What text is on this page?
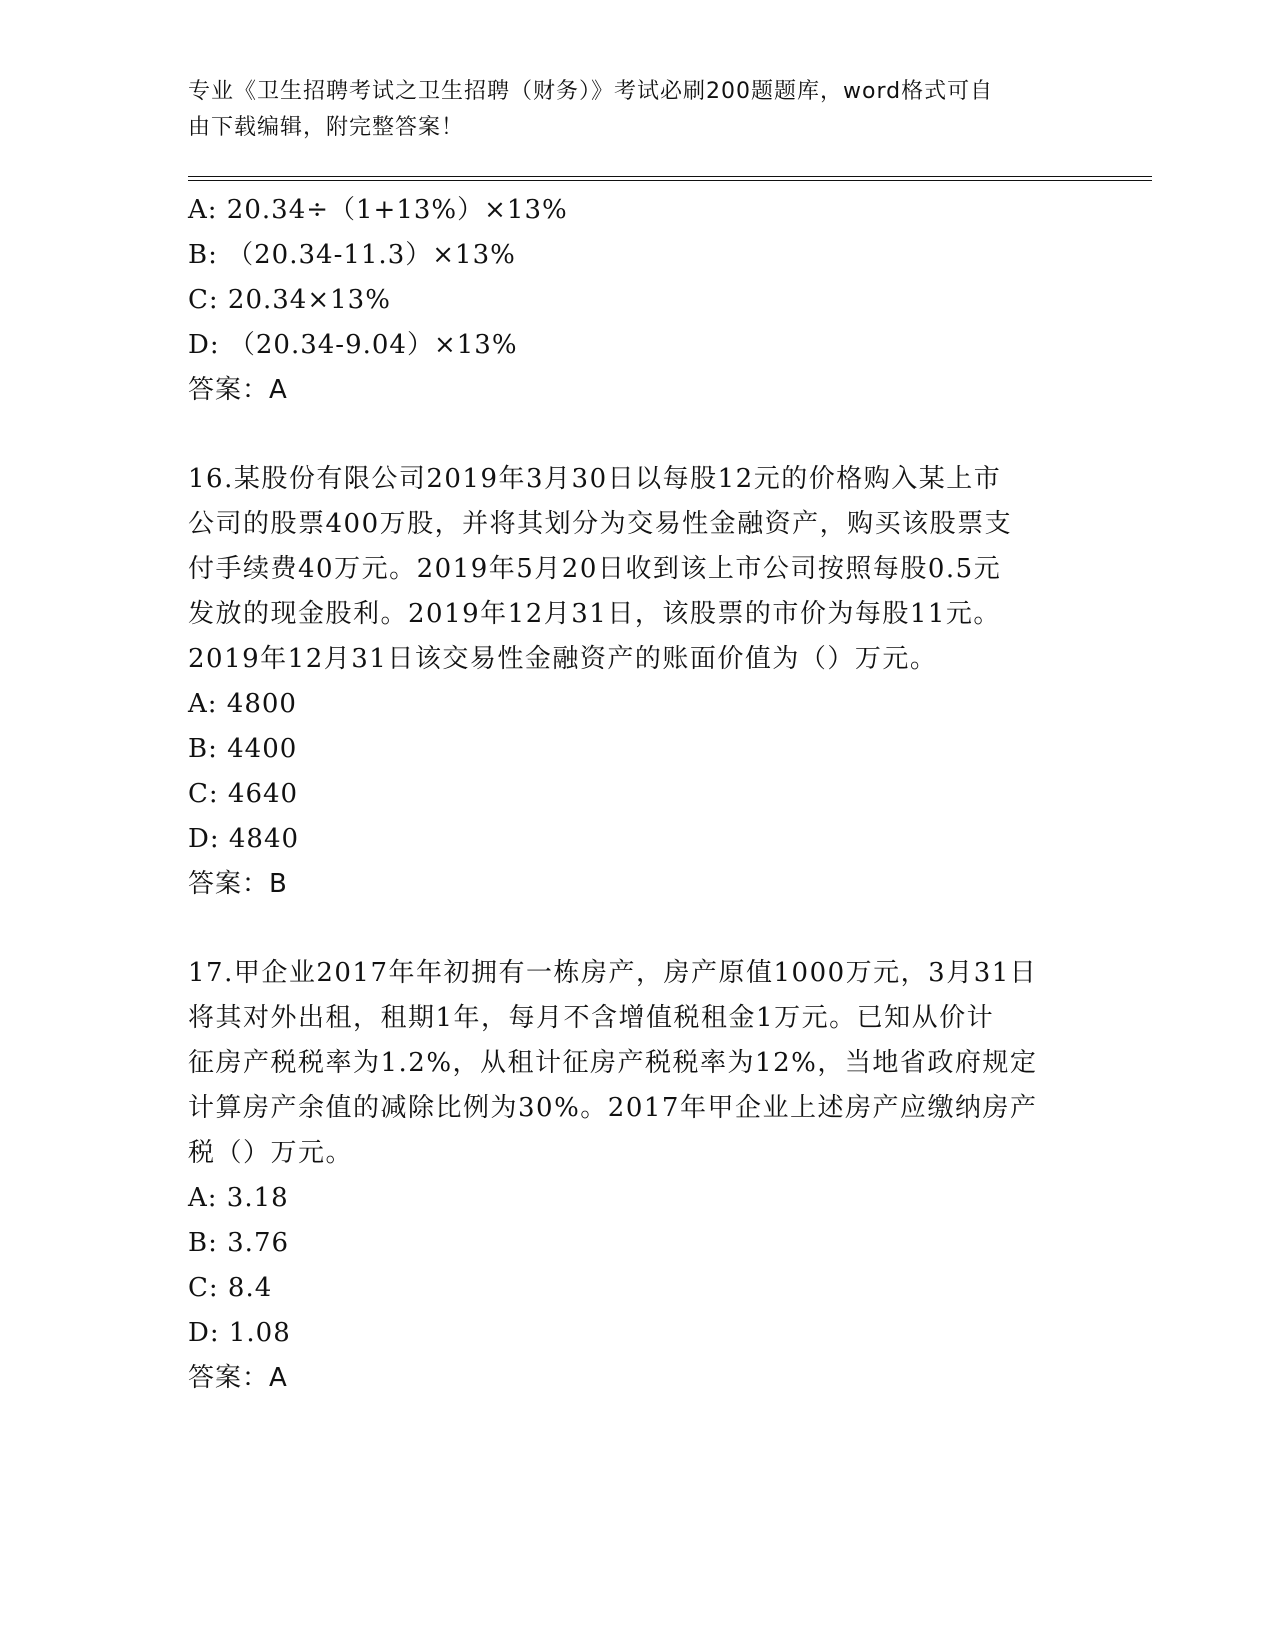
专业《卫生招聘考试之卫生招聘（财务）》考试必刷200题题库，word格式可自
由下载编辑，附完整答案！
A: 20.34÷（1+13%）×13%
B: （20.34-11.3）×13%
C: 20.34×13%
D: （20.34-9.04）×13%
答案：A
16.某股份有限公司2019年3月30日以每股12元的价格购入某上市
公司的股票400万股，并将其划分为交易性金融资产，购买该股票支
付手续费40万元。2019年5月20日收到该上市公司按照每股0.5元
发放的现金股利。2019年12月31日，该股票的市价为每股11元。
2019年12月31日该交易性金融资产的账面价值为（）万元。
A: 4800
B: 4400
C: 4640
D: 4840
答案：B
17.甲企业2017年年初拥有一栋房产，房产原值1000万元，3月31日
将其对外出租，租期1年，每月不含增值税租金1万元。已知从价计
征房产税税率为1.2%，从租计征房产税税率为12%，当地省政府规定
计算房产余值的减除比例为30%。2017年甲企业上述房产应缴纳房产
税（）万元。
A: 3.18
B: 3.76
C: 8.4
D: 1.08
答案：A
